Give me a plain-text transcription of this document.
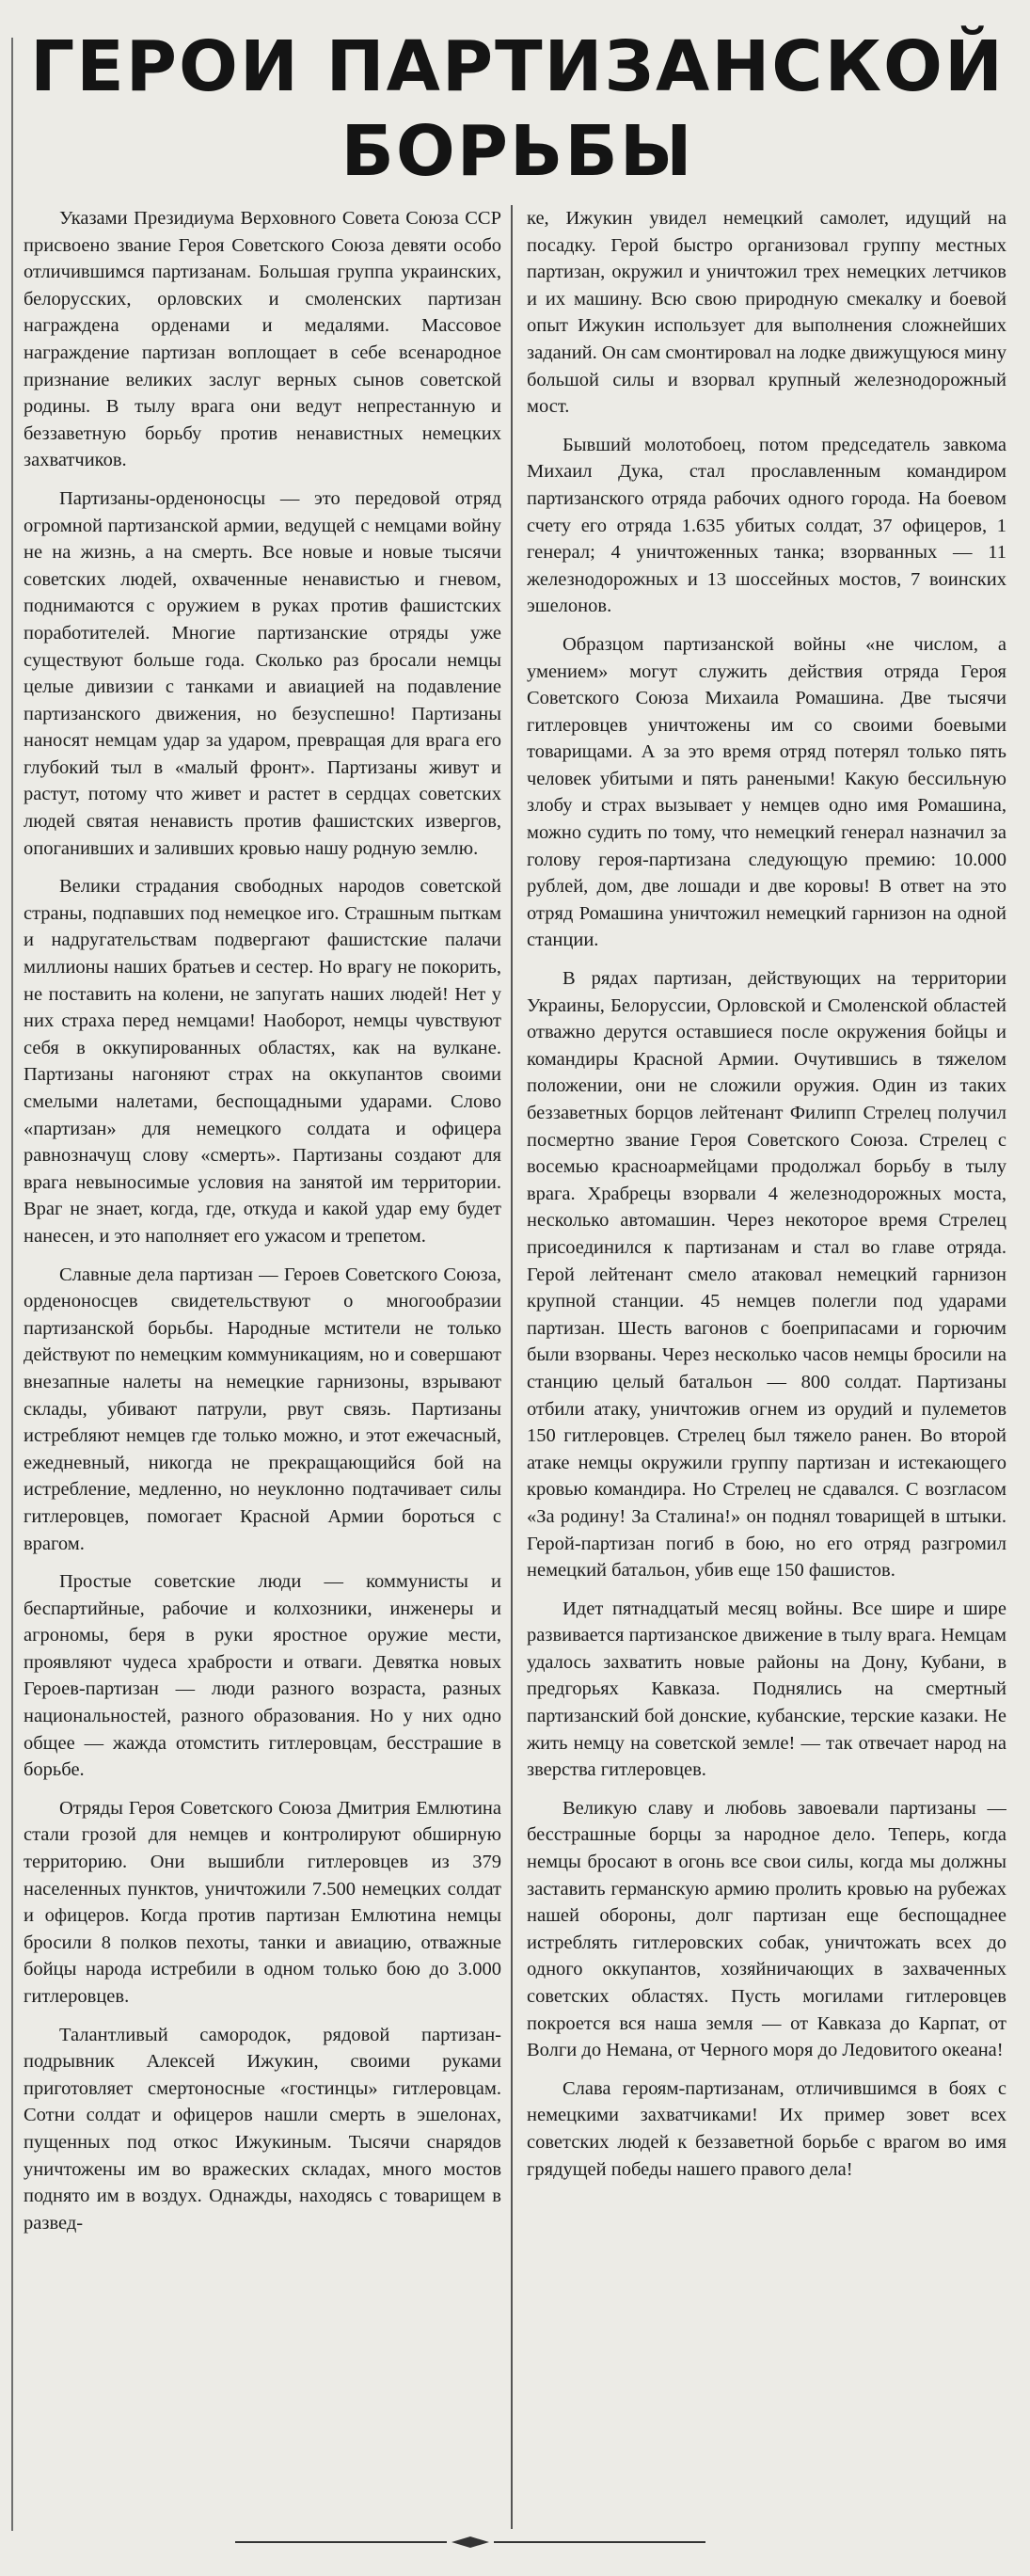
ГЕРОИ ПАРТИЗАНСКОЙ
БОРЬБЫ

Указами Президиума Верховного Совета Союза ССР присвоено звание Героя Советского Союза девяти особо отличившимся партизанам. Большая группа украинских, белорусских, орловских и смоленских партизан награждена орденами и медалями. Массовое награждение партизан воплощает в себе всенародное признание великих заслуг верных сынов советской родины. В тылу врага они ведут непрестанную и беззаветную борьбу против ненавистных немецких захватчиков.

Партизаны-орденоносцы — это передовой отряд огромной партизанской армии, ведущей с немцами войну не на жизнь, а на смерть. Все новые и новые тысячи советских людей, охваченные ненавистью и гневом, поднимаются с оружием в руках против фашистских поработителей. Многие партизанские отряды уже существуют больше года. Сколько раз бросали немцы целые дивизии с танками и авиацией на подавление партизанского движения, но безуспешно! Партизаны наносят немцам удар за ударом, превращая для врага его глубокий тыл в «малый фронт». Партизаны живут и растут, потому что живет и растет в сердцах советских людей святая ненависть против фашистских извергов, опоганивших и заливших кровью нашу родную землю.

Велики страдания свободных народов советской страны, подпавших под немецкое иго. Страшным пыткам и надругательствам подвергают фашистские палачи миллионы наших братьев и сестер. Но врагу не покорить, не поставить на колени, не запугать наших людей! Нет у них страха перед немцами! Наоборот, немцы чувствуют себя в оккупированных областях, как на вулкане. Партизаны нагоняют страх на оккупантов своими смелыми налетами, беспощадными ударами. Слово «партизан» для немецкого солдата и офицера равнозначущ слову «смерть». Партизаны создают для врага невыносимые условия на занятой им территории. Враг не знает, когда, где, откуда и какой удар ему будет нанесен, и это наполняет его ужасом и трепетом.

Славные дела партизан — Героев Советского Союза, орденоносцев свидетельствуют о многообразии партизанской борьбы. Народные мстители не только действуют по немецким коммуникациям, но и совершают внезапные налеты на немецкие гарнизоны, взрывают склады, убивают патрули, рвут связь. Партизаны истребляют немцев где только можно, и этот ежечасный, ежедневный, никогда не прекращающийся бой на истребление, медленно, но неуклонно подтачивает силы гитлеровцев, помогает Красной Армии бороться с врагом.

Простые советские люди — коммунисты и беспартийные, рабочие и колхозники, инженеры и агрономы, беря в руки яростное оружие мести, проявляют чудеса храбрости и отваги. Девятка новых Героев-партизан — люди разного возраста, разных национальностей, разного образования. Но у них одно общее — жажда отомстить гитлеровцам, бесстрашие в борьбе.

Отряды Героя Советского Союза Дмитрия Емлютина стали грозой для немцев и контролируют обширную территорию. Они вышибли гитлеровцев из 379 населенных пунктов, уничтожили 7.500 немецких солдат и офицеров. Когда против партизан Емлютина немцы бросили 8 полков пехоты, танки и авиацию, отважные бойцы народа истребили в одном только бою до 3.000 гитлеровцев.

Талантливый самородок, рядовой партизан-подрывник Алексей Ижукин, своими руками приготовляет смертоносные «гостинцы» гитлеровцам. Сотни солдат и офицеров нашли смерть в эшелонах, пущенных под откос Ижукиным. Тысячи снарядов уничтожены им во вражеских складах, много мостов поднято им в воздух. Однажды, находясь с товарищем в развед-

ке, Ижукин увидел немецкий самолет, идущий на посадку. Герой быстро организовал группу местных партизан, окружил и уничтожил трех немецких летчиков и их машину. Всю свою природную смекалку и боевой опыт Ижукин использует для выполнения сложнейших заданий. Он сам смонтировал на лодке движущуюся мину большой силы и взорвал крупный железнодорожный мост.

Бывший молотобоец, потом председатель завкома Михаил Дука, стал прославленным командиром партизанского отряда рабочих одного города. На боевом счету его отряда 1.635 убитых солдат, 37 офицеров, 1 генерал; 4 уничтоженных танка; взорванных — 11 железнодорожных и 13 шоссейных мостов, 7 воинских эшелонов.

Образцом партизанской войны «не числом, а умением» могут служить действия отряда Героя Советского Союза Михаила Ромашина. Две тысячи гитлеровцев уничтожены им со своими боевыми товарищами. А за это время отряд потерял только пять человек убитыми и пять ранеными! Какую бессильную злобу и страх вызывает у немцев одно имя Ромашина, можно судить по тому, что немецкий генерал назначил за голову героя-партизана следующую премию: 10.000 рублей, дом, две лошади и две коровы! В ответ на это отряд Ромашина уничтожил немецкий гарнизон на одной станции.

В рядах партизан, действующих на территории Украины, Белоруссии, Орловской и Смоленской областей отважно дерутся оставшиеся после окружения бойцы и командиры Красной Армии. Очутившись в тяжелом положении, они не сложили оружия. Один из таких беззаветных борцов лейтенант Филипп Стрелец получил посмертно звание Героя Советского Союза. Стрелец с восемью красноармейцами продолжал борьбу в тылу врага. Храбрецы взорвали 4 железнодорожных моста, несколько автомашин. Через некоторое время Стрелец присоединился к партизанам и стал во главе отряда. Герой лейтенант смело атаковал немецкий гарнизон крупной станции. 45 немцев полегли под ударами партизан. Шесть вагонов с боеприпасами и горючим были взорваны. Через несколько часов немцы бросили на станцию целый батальон — 800 солдат. Партизаны отбили атаку, уничтожив огнем из орудий и пулеметов 150 гитлеровцев. Стрелец был тяжело ранен. Во второй атаке немцы окружили группу партизан и истекающего кровью командира. Но Стрелец не сдавался. С возгласом «За родину! За Сталина!» он поднял товарищей в штыки. Герой-партизан погиб в бою, но его отряд разгромил немецкий батальон, убив еще 150 фашистов.

Идет пятнадцатый месяц войны. Все шире и шире развивается партизанское движение в тылу врага. Немцам удалось захватить новые районы на Дону, Кубани, в предгорьях Кавказа. Поднялись на смертный партизанский бой донские, кубанские, терские казаки. Не жить немцу на советской земле! — так отвечает народ на зверства гитлеровцев.

Великую славу и любовь завоевали партизаны — бесстрашные борцы за народное дело. Теперь, когда немцы бросают в огонь все свои силы, когда мы должны заставить германскую армию пролить кровью на рубежах нашей обороны, долг партизан еще беспощаднее истреблять гитлеровских собак, уничтожать всех до одного оккупантов, хозяйничающих в захваченных советских областях. Пусть могилами гитлеровцев покроется вся наша земля — от Кавказа до Карпат, от Волги до Немана, от Черного моря до Ледовитого океана!

Слава героям-партизанам, отличившимся в боях с немецкими захватчиками! Их пример зовет всех советских людей к беззаветной борьбе с врагом во имя грядущей победы нашего правого дела!
